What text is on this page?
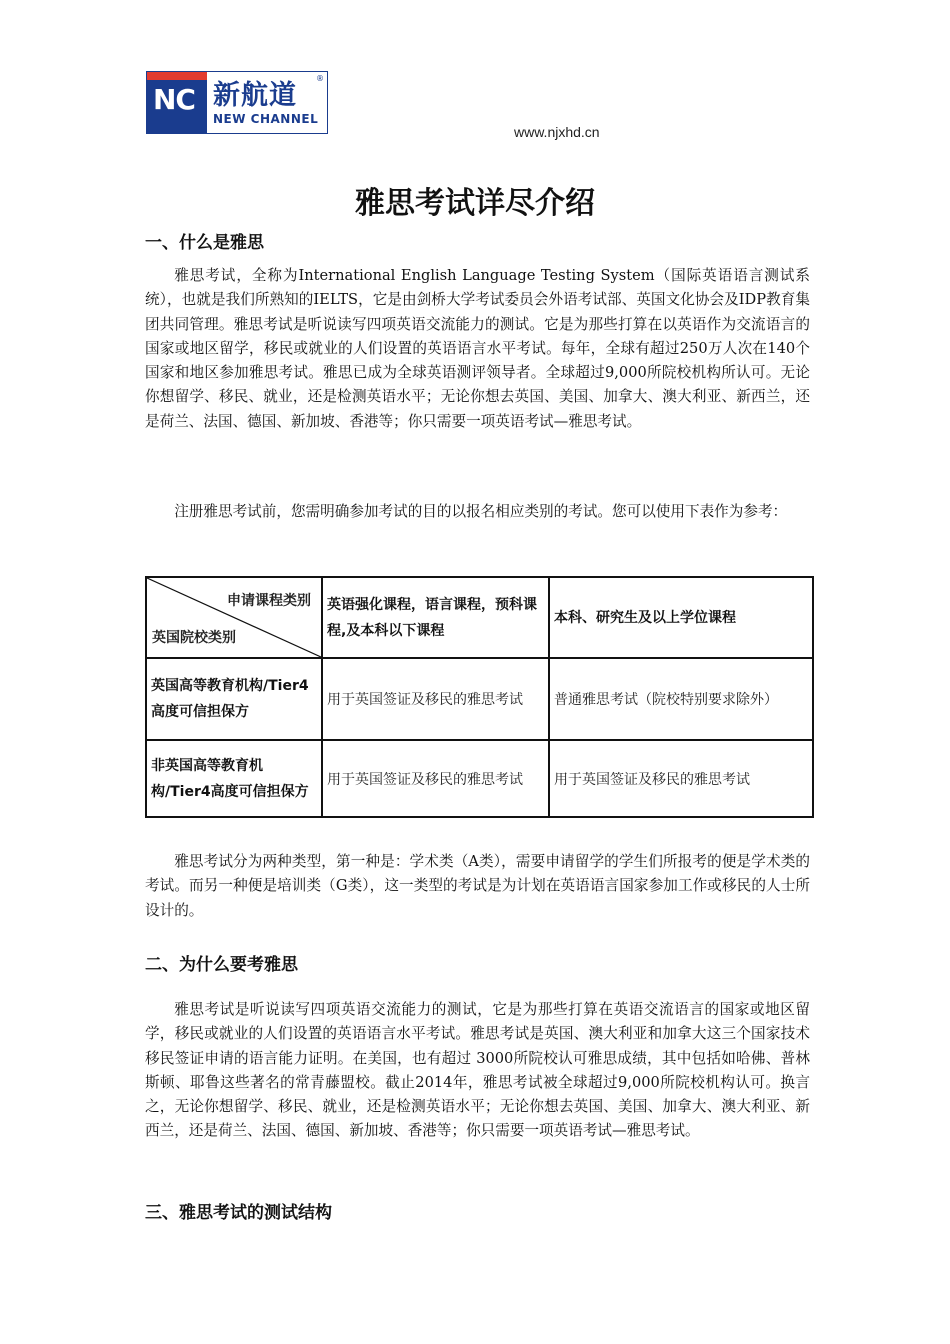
NC 新航道
NEW CHANNEL
®
www.njxhd.cn
雅思考试详尽介绍
一、什么是雅思

雅思考试，全称为International English Language Testing System（国际英语语言测试系统），也就是我们所熟知的IELTS，它是由剑桥大学考试委员会外语考试部、英国文化协会及IDP教育集团共同管理。雅思考试是听说读写四项英语交流能力的测试。它是为那些打算在以英语作为交流语言的国家或地区留学，移民或就业的人们设置的英语语言水平考试。每年，全球有超过250万人次在140个国家和地区参加雅思考试。雅思已成为全球英语测评领导者。全球超过9,000所院校机构所认可。无论你想留学、移民、就业，还是检测英语水平；无论你想去英国、美国、加拿大、澳大利亚、新西兰，还是荷兰、法国、德国、新加坡、香港等；你只需要一项英语考试—雅思考试。

注册雅思考试前，您需明确参加考试的目的以报名相应类别的考试。您可以使用下表作为参考：

申请课程类别
英国院校类别	英语强化课程，语言课程，预科课程,及本科以下课程	本科、研究生及以上学位课程
英国高等教育机构/Tier4 高度可信担保方	用于英国签证及移民的雅思考试	普通雅思考试（院校特别要求除外）
非英国高等教育机构/Tier4高度可信担保方	用于英国签证及移民的雅思考试	用于英国签证及移民的雅思考试

雅思考试分为两种类型，第一种是：学术类（A类），需要申请留学的学生们所报考的便是学术类的考试。而另一种便是培训类（G类），这一类型的考试是为计划在英语语言国家参加工作或移民的人士所设计的。

二、为什么要考雅思

雅思考试是听说读写四项英语交流能力的测试，它是为那些打算在英语交流语言的国家或地区留学，移民或就业的人们设置的英语语言水平考试。雅思考试是英国、澳大利亚和加拿大这三个国家技术移民签证申请的语言能力证明。在美国，也有超过 3000所院校认可雅思成绩，其中包括如哈佛、普林斯顿、耶鲁这些著名的常青藤盟校。截止2014年，雅思考试被全球超过9,000所院校机构认可。换言之，无论你想留学、移民、就业，还是检测英语水平；无论你想去英国、美国、加拿大、澳大利亚、新西兰，还是荷兰、法国、德国、新加坡、香港等；你只需要一项英语考试—雅思考试。

三、雅思考试的测试结构
